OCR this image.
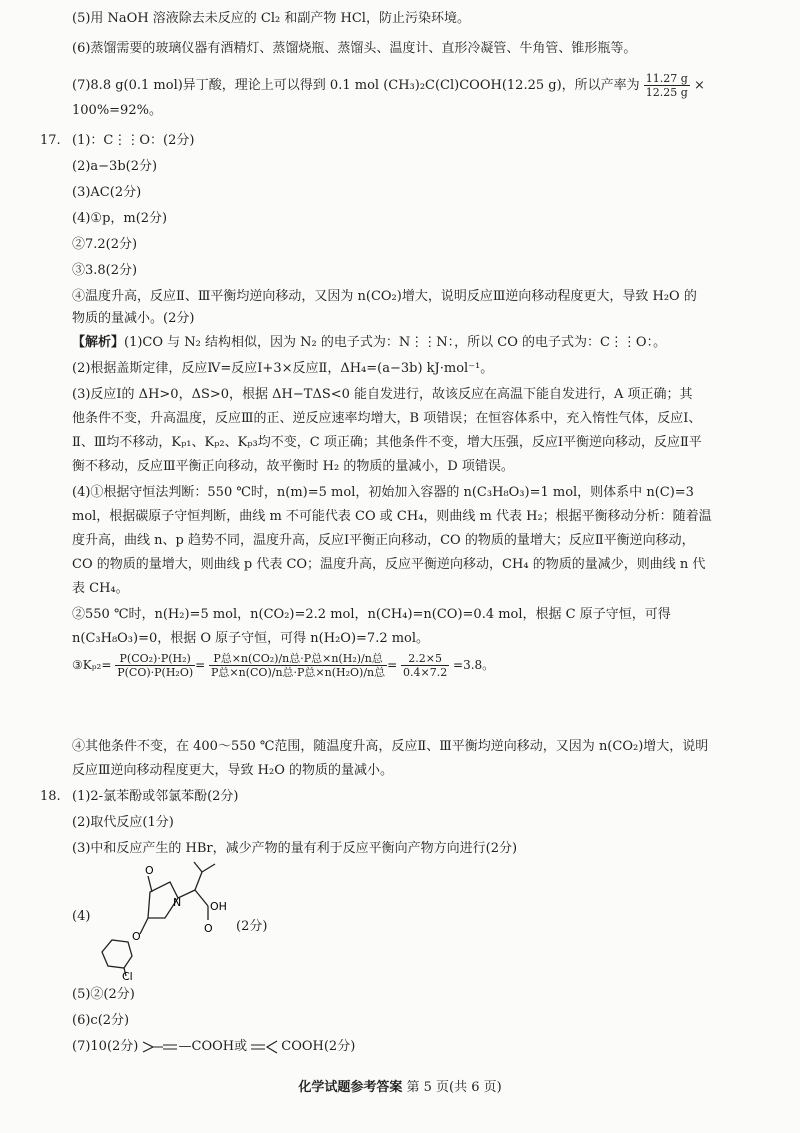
(5)用 NaOH 溶液除去未反应的 Cl₂ 和副产物 HCl，防止污染环境。
(6)蒸馏需要的玻璃仪器有酒精灯、蒸馏烧瓶、蒸馏头、温度计、直形冷凝管、牛角管、锥形瓶等。
(7)8.8 g(0.1 mol)异丁酸，理论上可以得到 0.1 mol (CH₃)₂C(Cl)COOH(12.25 g)，所以产率为 $\frac{11.27 g}{12.25 g}$ ×
100%=92%。
17. (1)：C⋮⋮O：(2分)
(2)a−3b(2分)
(3)AC(2分)
(4)①p，m(2分)
②7.2(2分)
③3.8(2分)
④温度升高，反应Ⅱ、Ⅲ平衡均逆向移动，又因为 n(CO₂)增大，说明反应Ⅲ逆向移动程度更大，导致 H₂O 的
物质的量减小。(2分)
【解析】(1)CO 与 N₂ 结构相似，因为 N₂ 的电子式为：N⋮⋮N：，所以 CO 的电子式为：C⋮⋮O：。
(2)根据盖斯定律，反应Ⅳ=反应Ⅰ+3×反应Ⅱ，ΔH₄=(a−3b) kJ·mol⁻¹。
(3)反应Ⅰ的 ΔH>0，ΔS>0，根据 ΔH−TΔS<0 能自发进行，故该反应在高温下能自发进行，A 项正确；其
他条件不变，升高温度，反应Ⅲ的正、逆反应速率均增大，B 项错误；在恒容体系中，充入惰性气体，反应Ⅰ、
Ⅱ、Ⅲ均不移动，Kₚ₁、Kₚ₂、Kₚ₃均不变，C 项正确；其他条件不变，增大压强，反应Ⅰ平衡逆向移动，反应Ⅱ平
衡不移动，反应Ⅲ平衡正向移动，故平衡时 H₂ 的物质的量减小，D 项错误。
(4)①根据守恒法判断：550 ℃时，n(m)=5 mol，初始加入容器的 n(C₃H₈O₃)=1 mol，则体系中 n(C)=3
mol，根据碳原子守恒判断，曲线 m 不可能代表 CO 或 CH₄，则曲线 m 代表 H₂；根据平衡移动分析：随着温
度升高，曲线 n、p 趋势不同，温度升高，反应Ⅰ平衡正向移动，CO 的物质的量增大；反应Ⅱ平衡逆向移动，
CO 的物质的量增大，则曲线 p 代表 CO；温度升高，反应平衡逆向移动，CH₄ 的物质的量减少，则曲线 n 代
表 CH₄。
②550 ℃时，n(H₂)=5 mol，n(CO₂)=2.2 mol，n(CH₄)=n(CO)=0.4 mol，根据 C 原子守恒，可得
n(C₃H₈O₃)=0，根据 O 原子守恒，可得 n(H₂O)=7.2 mol。
③Kₚ₂= $\frac{\text{P(CO₂)·P(H₂)}}{\text{P(CO)·P(H₂O)}} = \frac{\text{P总×n(CO₂)/n总·P总×n(H₂)/n总}}{\text{P总×n(CO)/n总·P总×n(H₂O)/n总}} = \frac{2.2\times 5}{0.4\times 7.2} =3.8$。
④其他条件不变，在 400～550 ℃范围，随温度升高，反应Ⅱ、Ⅲ平衡均逆向移动，又因为 n(CO₂)增大，说明
反应Ⅲ逆向移动程度更大，导致 H₂O 的物质的量减小。
18. (1)2-氯苯酚或邻氯苯酚(2分)
(2)取代反应(1分)
(3)中和反应产生的 HBr，减少产物的量有利于反应平衡向产物方向进行(2分)
(4)
O
N	OH
O
O
Cl
(2分)
(5)②(2分)
(6)c(2分)
(7)10(2分)	—COOH或	COOH(2分)
化学试题参考答案 第 5 页(共 6 页)
